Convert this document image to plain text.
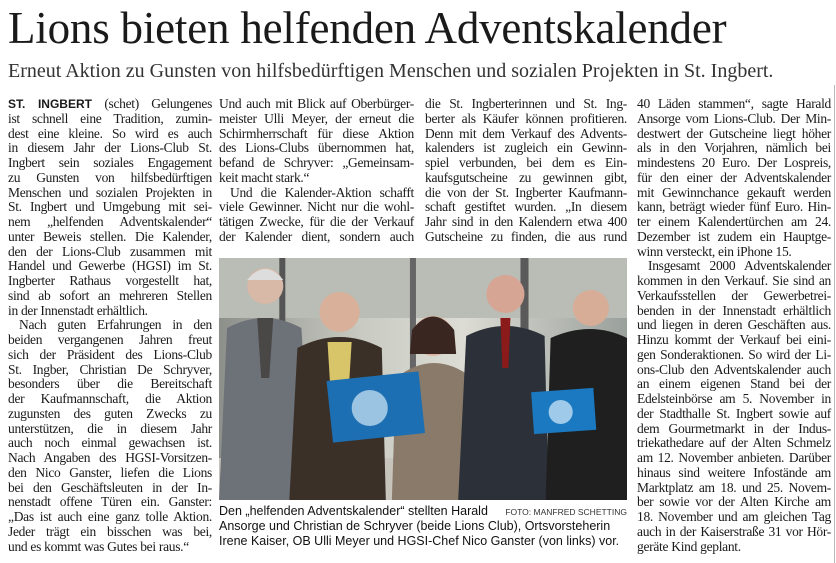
Lions bieten helfenden Adventskalender

Erneut Aktion zu Gunsten von hilfsbedürftigen Menschen und sozialen Projekten in St. Ingbert.

ST. INGBERT (schet) Gelungenes
ist schnell eine Tradition, zumin-
dest eine kleine. So wird es auch
in diesem Jahr der Lions-Club St.
Ingbert sein soziales Engagement
zu Gunsten von hilfsbedürftigen
Menschen und sozialen Projekten in
St. Ingbert und Umgebung mit sei-
nem „helfenden Adventskalender“
unter Beweis stellen. Die Kalender,
den der Lions-Club zusammen mit
Handel und Gewerbe (HGSI) im St.
Ingberter Rathaus vorgestellt hat,
sind ab sofort an mehreren Stellen
in der Innenstadt erhältlich.
Nach guten Erfahrungen in den
beiden vergangenen Jahren freut
sich der Präsident des Lions-Club
St. Ingber, Christian De Schryver,
besonders über die Bereitschaft
der Kaufmannschaft, die Aktion
zugunsten des guten Zwecks zu
unterstützen, die in diesem Jahr
auch noch einmal gewachsen ist.
Nach Angaben des HGSI-Vorsitzen-
den Nico Ganster, liefen die Lions
bei den Geschäftsleuten in der In-
nenstadt offene Türen ein. Ganster:
„Das ist auch eine ganz tolle Aktion.
Jeder trägt ein bisschen was bei,
und es kommt was Gutes bei raus.“
Und auch mit Blick auf Oberbürger-
meister Ulli Meyer, der erneut die
Schirmherrschaft für diese Aktion
des Lions-Clubs übernommen hat,
befand de Schryver: „Gemeinsam-
keit macht stark.“
Und die Kalender-Aktion schafft
viele Gewinner. Nicht nur die wohl-
tätigen Zwecke, für die der Verkauf
der Kalender dient, sondern auch
die St. Ingberterinnen und St. Ing-
berter als Käufer können profitieren.
Denn mit dem Verkauf des Advents-
kalenders ist zugleich ein Gewinn-
spiel verbunden, bei dem es Ein-
kaufsgutscheine zu gewinnen gibt,
die von der St. Ingberter Kaufmann-
schaft gestiftet wurden. „In diesem
Jahr sind in den Kalendern etwa 400
Gutscheine zu finden, die aus rund
40 Läden stammen“, sagte Harald
Ansorge vom Lions-Club. Der Min-
destwert der Gutscheine liegt höher
als in den Vorjahren, nämlich bei
mindestens 20 Euro. Der Lospreis,
für den einer der Adventskalender
mit Gewinnchance gekauft werden
kann, beträgt wieder fünf Euro. Hin-
ter einem Kalendertürchen am 24.
Dezember ist zudem ein Hauptge-
winn versteckt, ein iPhone 15.
Insgesamt 2000 Adventskalender
kommen in den Verkauf. Sie sind an
Verkaufsstellen der Gewerbetrei-
benden in der Innenstadt erhältlich
und liegen in deren Geschäften aus.
Hinzu kommt der Verkauf bei eini-
gen Sonderaktionen. So wird der Li-
ons-Club den Adventskalender auch
an einem eigenen Stand bei der
Edelsteinbörse am 5. November in
der Stadthalle St. Ingbert sowie auf
dem Gourmetmarkt in der Indus-
triekathedare auf der Alten Schmelz
am 12. November anbieten. Darüber
hinaus sind weitere Infostände am
Marktplatz am 18. und 25. Novem-
ber sowie vor der Alten Kirche am
18. November und am gleichen Tag
auch in der Kaiserstraße 31 vor Hör-
geräte Kind geplant.
FOTO: MANFRED SCHETTING
Den „helfenden Adventskalender“ stellten Harald Ansorge und Christian de Schryver (beide Lions Club), Ortsvorsteherin Irene Kaiser, OB Ulli Meyer und HGSI-Chef Nico Ganster (von links) vor.
